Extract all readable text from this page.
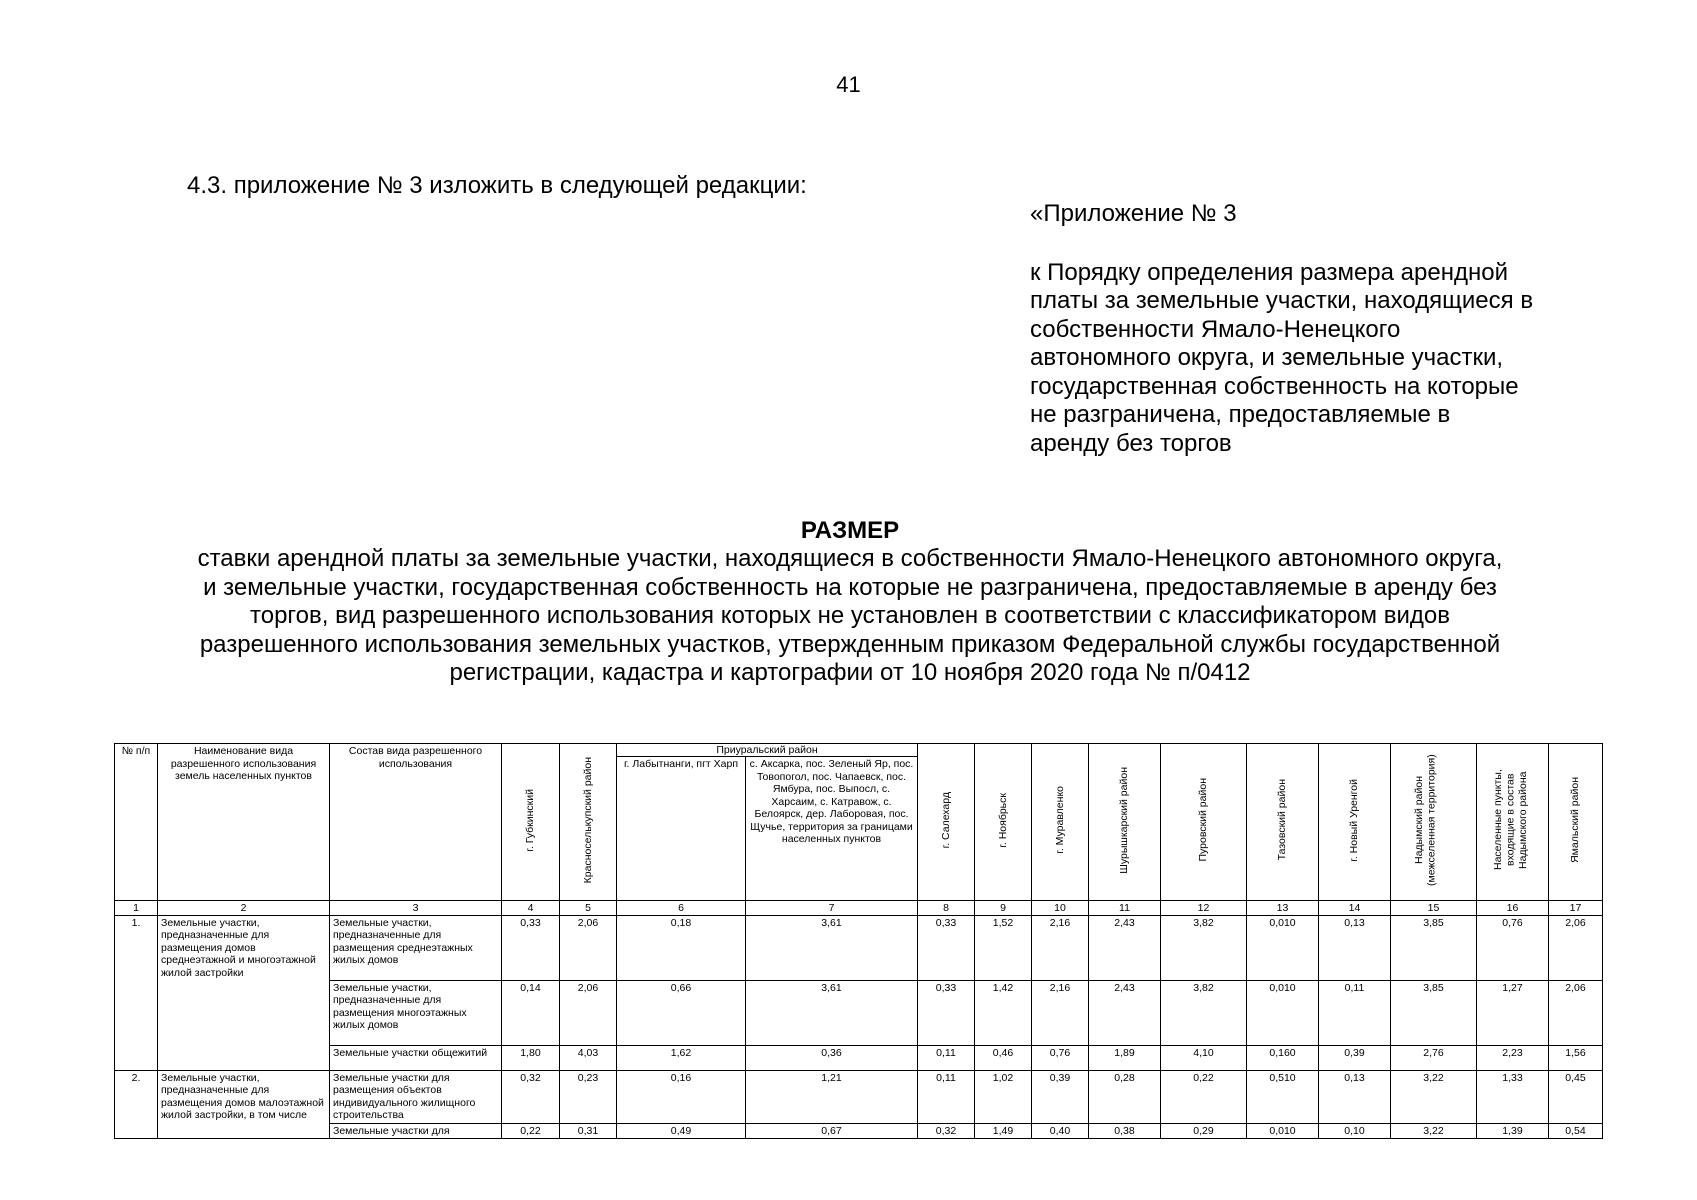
41
4.3. приложение № 3 изложить в следующей редакции:
«Приложение № 3
к Порядку определения размера арендной
платы за земельные участки, находящиеся в
собственности Ямало-Ненецкого
автономного округа, и земельные участки,
государственная собственность на которые
не разграничена, предоставляемые в
аренду без торгов
РАЗМЕР
ставки арендной платы за земельные участки, находящиеся в собственности Ямало-Ненецкого автономного округа,
и земельные участки, государственная собственность на которые не разграничена, предоставляемые в аренду без
торгов, вид разрешенного использования которых не установлен в соответствии с классификатором видов
разрешенного использования земельных участков, утвержденным приказом Федеральной службы государственной
регистрации, кадастра и картографии от 10 ноября 2020 года № п/0412
№ п/п	Наименование вида разрешенного использования земель населенных пунктов	Состав вида разрешенного использования	г. Губкинский	Красноселькупский район	Приуральский район		г. Салехард	г. Ноябрьск	г. Муравленко	Шурышкарский район	Пуровский район	Тазовский район	г. Новый Уренгой	Надымский район (межселенная территория)	Населенные пункты, входящие в состав Надымского района	Ямальский район
					г. Лабытнанги, пгт Харп	с. Аксарка, пос. Зеленый Яр, пос. Товопогол, пос. Чапаевск, пос. Ямбура, пос. Выпосл, с. Харсаим, с. Катравож, с. Белоярск, дер. Лаборовая, пос. Щучье, территория за границами населенных пунктов										
1	2	3	4	5	6	7	8	9	10	11	12	13	14	15	16	17
1.	Земельные участки, предназначенные для размещения домов среднеэтажной и многоэтажной жилой застройки	Земельные участки, предназначенные для размещения среднеэтажных жилых домов	0,33	2,06	0,18	3,61	0,33	1,52	2,16	2,43	3,82	0,010	0,13	3,85	0,76	2,06
		Земельные участки, предназначенные для размещения многоэтажных жилых домов	0,14	2,06	0,66	3,61	0,33	1,42	2,16	2,43	3,82	0,010	0,11	3,85	1,27	2,06
		Земельные участки общежитий	1,80	4,03	1,62	0,36	0,11	0,46	0,76	1,89	4,10	0,160	0,39	2,76	2,23	1,56
2.	Земельные участки, предназначенные для размещения домов малоэтажной жилой застройки, в том числе	Земельные участки для размещения объектов индивидуального жилищного строительства	0,32	0,23	0,16	1,21	0,11	1,02	0,39	0,28	0,22	0,510	0,13	3,22	1,33	0,45
		Земельные участки для	0,22	0,31	0,49	0,67	0,32	1,49	0,40	0,38	0,29	0,010	0,10	3,22	1,39	0,54
